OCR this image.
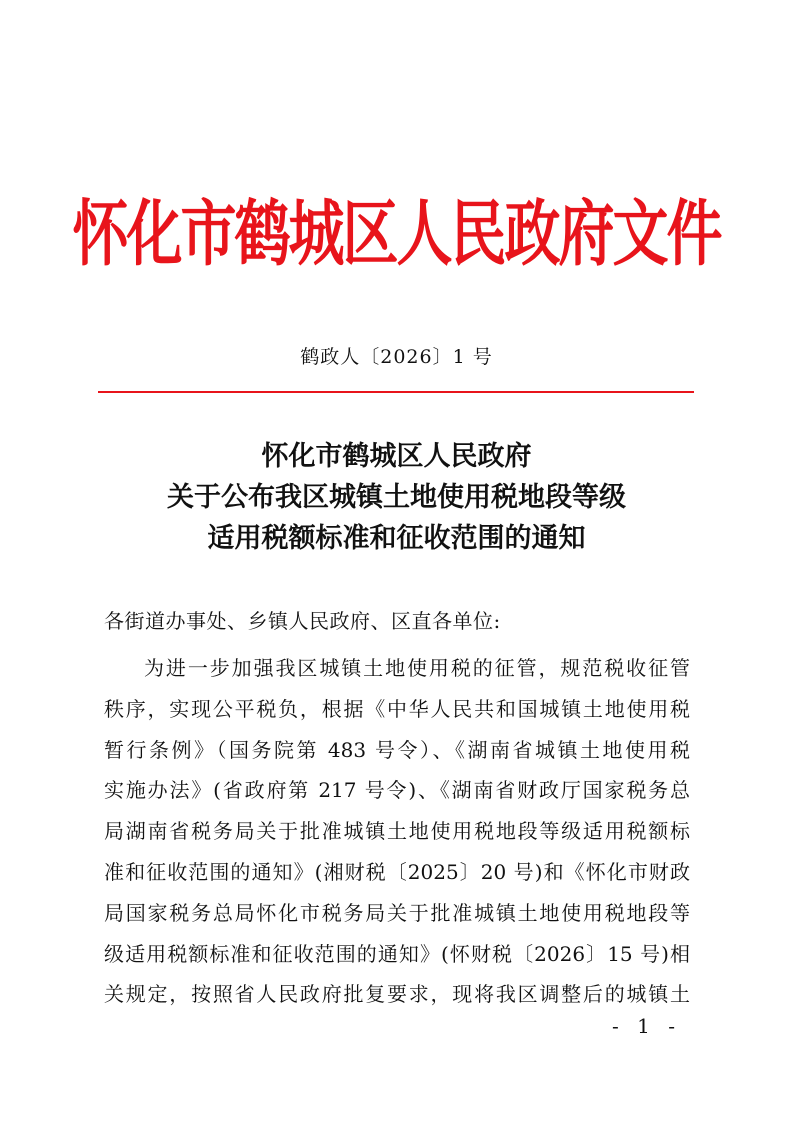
怀化市鹤城区人民政府文件
鹤政人〔2026〕1 号
怀化市鹤城区人民政府
关于公布我区城镇土地使用税地段等级
适用税额标准和征收范围的通知
各街道办事处、乡镇人民政府、区直各单位:
为进一步加强我区城镇土地使用税的征管，规范税收征管
秩序，实现公平税负，根据《中华人民共和国城镇土地使用税
暂行条例》（国务院第 483 号令）、《湖南省城镇土地使用税
实施办法》(省政府第 217 号令)、《湖南省财政厅国家税务总
局湖南省税务局关于批准城镇土地使用税地段等级适用税额标
准和征收范围的通知》(湘财税〔2025〕20 号)和《怀化市财政
局国家税务总局怀化市税务局关于批准城镇土地使用税地段等
级适用税额标准和征收范围的通知》(怀财税〔2026〕15 号)相
关规定，按照省人民政府批复要求，现将我区调整后的城镇土
- 1 -
